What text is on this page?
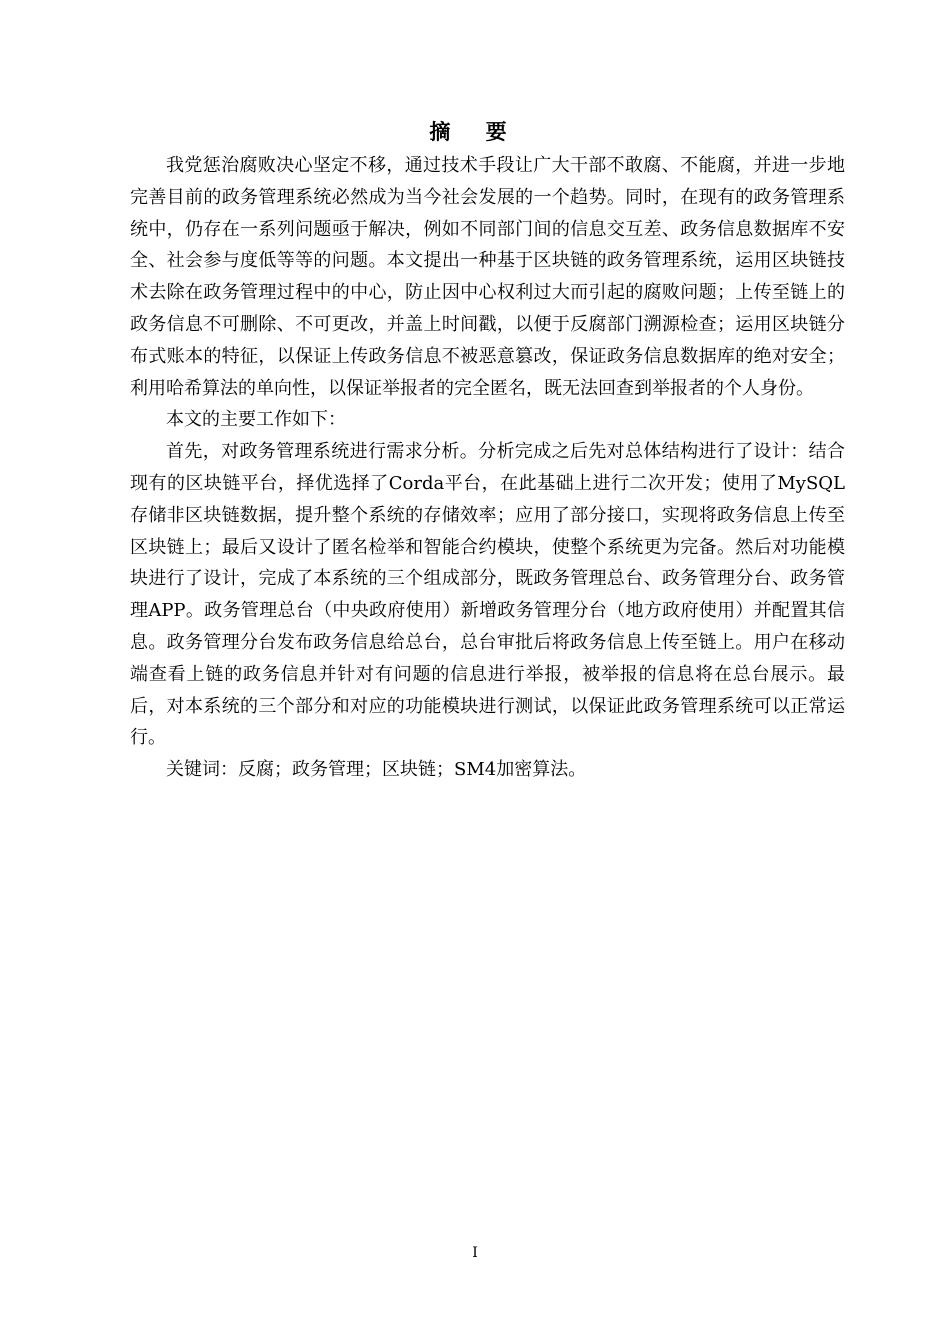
摘 要

我党惩治腐败决心坚定不移，通过技术手段让广大干部不敢腐、不能腐，并进一步地完善目前的政务管理系统必然成为当今社会发展的一个趋势。同时，在现有的政务管理系统中，仍存在一系列问题亟于解决，例如不同部门间的信息交互差、政务信息数据库不安全、社会参与度低等等的问题。本文提出一种基于区块链的政务管理系统，运用区块链技术去除在政务管理过程中的中心，防止因中心权利过大而引起的腐败问题；上传至链上的政务信息不可删除、不可更改，并盖上时间戳，以便于反腐部门溯源检查；运用区块链分布式账本的特征，以保证上传政务信息不被恶意篡改，保证政务信息数据库的绝对安全；利用哈希算法的单向性，以保证举报者的完全匿名，既无法回查到举报者的个人身份。

本文的主要工作如下：

首先，对政务管理系统进行需求分析。分析完成之后先对总体结构进行了设计：结合现有的区块链平台，择优选择了Corda平台，在此基础上进行二次开发；使用了MySQL存储非区块链数据，提升整个系统的存储效率；应用了部分接口，实现将政务信息上传至区块链上；最后又设计了匿名检举和智能合约模块，使整个系统更为完备。然后对功能模块进行了设计，完成了本系统的三个组成部分，既政务管理总台、政务管理分台、政务管理APP。政务管理总台（中央政府使用）新增政务管理分台（地方政府使用）并配置其信息。政务管理分台发布政务信息给总台，总台审批后将政务信息上传至链上。用户在移动端查看上链的政务信息并针对有问题的信息进行举报，被举报的信息将在总台展示。最后，对本系统的三个部分和对应的功能模块进行测试，以保证此政务管理系统可以正常运行。

关键词：反腐；政务管理；区块链；SM4加密算法。

I
